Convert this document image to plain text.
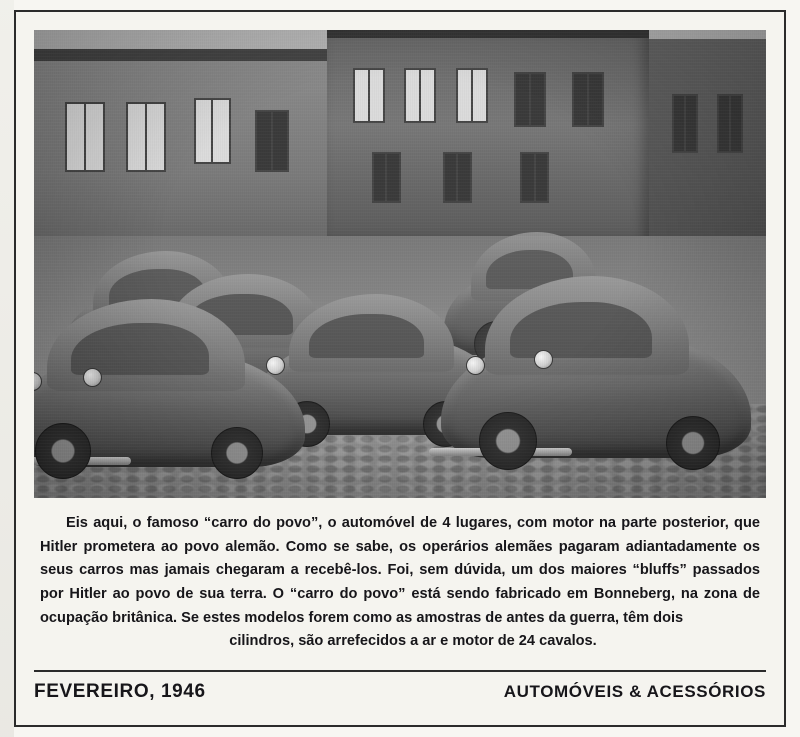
Eis aqui, o famoso “carro do povo”, o automóvel de 4 lugares, com motor na parte posterior, que Hitler prometera ao povo alemão. Como se sabe, os operários alemães pagaram adiantadamente os seus carros mas jamais chegaram a recebê-los. Foi, sem dúvida, um dos maiores “bluffs” passados por Hitler ao povo de sua terra. O “carro do povo” está sendo fabricado em Bonneberg, na zona de ocupação britânica. Se estes modelos forem como as amostras de antes da guerra, têm dois

cilindros, são arrefecidos a ar e motor de 24 cavalos.

FEVEREIRO, 1946	AUTOMÓVEIS & ACESSÓRIOS
